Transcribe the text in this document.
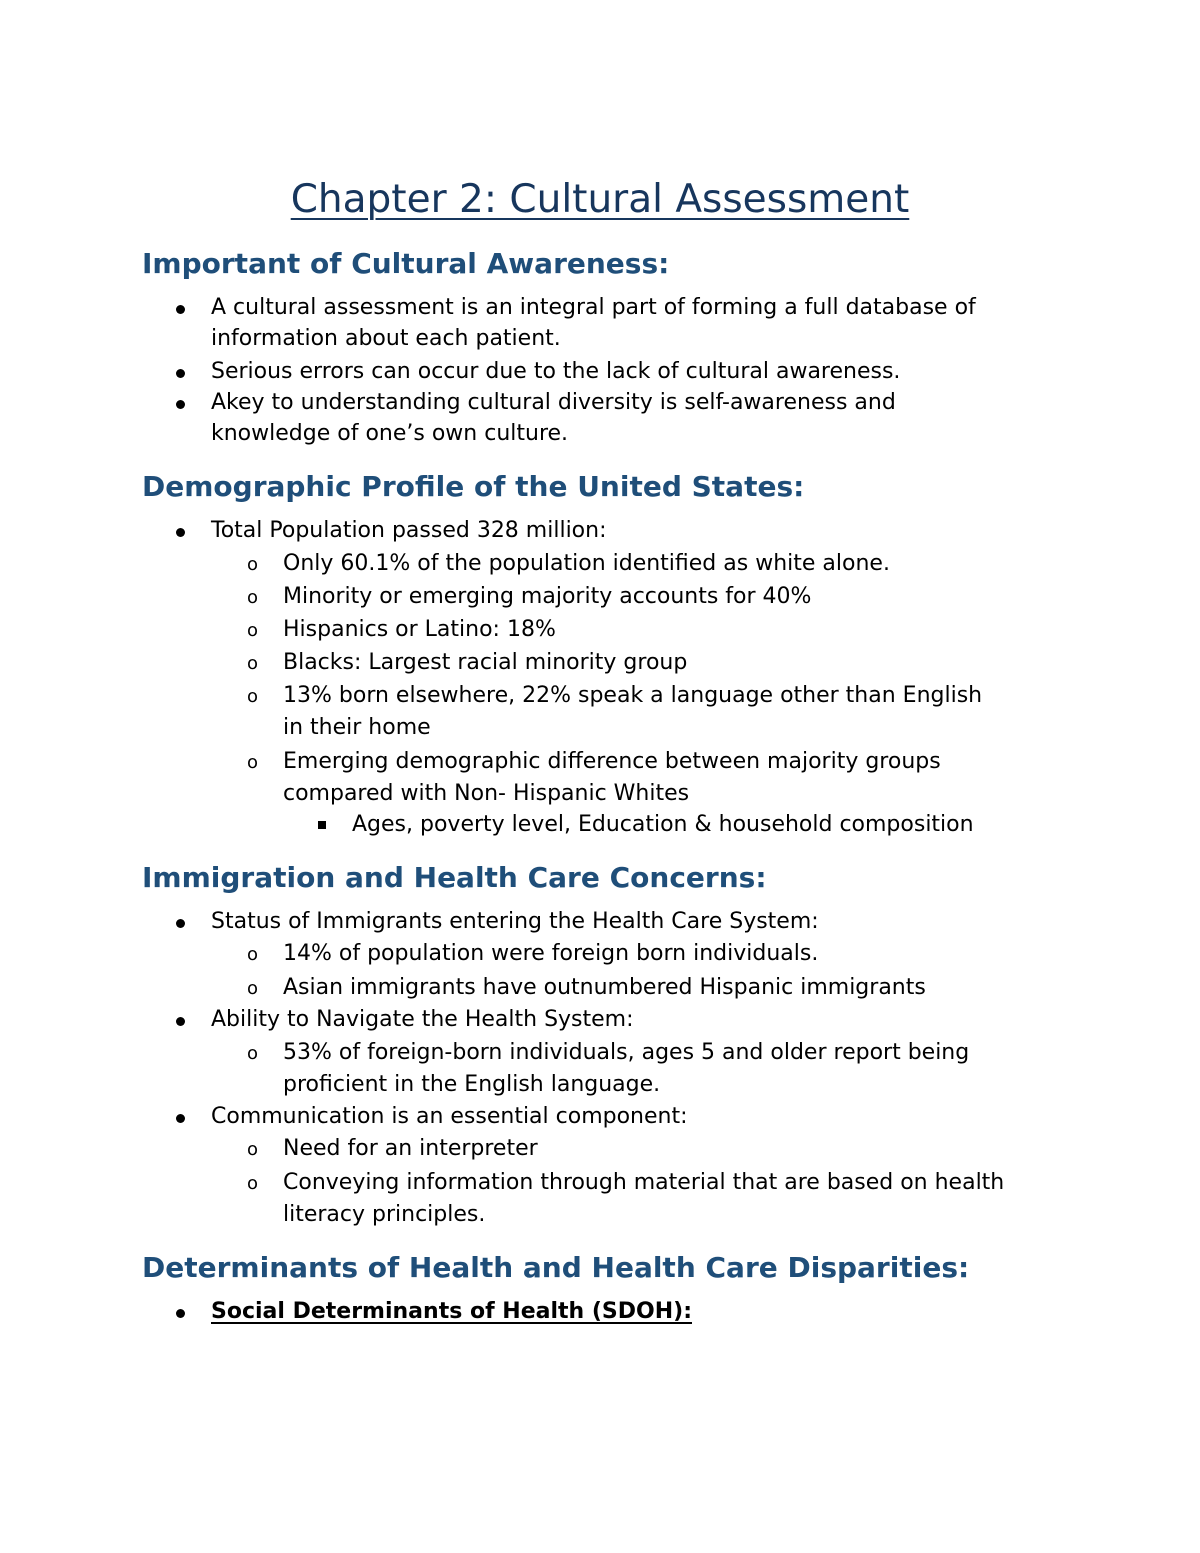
Chapter 2: Cultural Assessment
Important of Cultural Awareness:
A cultural assessment is an integral part of forming a full database of
information about each patient.
Serious errors can occur due to the lack of cultural awareness.
Akey to understanding cultural diversity is self-awareness and
knowledge of one’s own culture.
Demographic Profile of the United States:
Total Population passed 328 million:
o Only 60.1% of the population identified as white alone.
o Minority or emerging majority accounts for 40%
o Hispanics or Latino: 18%
o Blacks: Largest racial minority group
o 13% born elsewhere, 22% speak a language other than English
in their home
o Emerging demographic difference between majority groups
compared with Non- Hispanic Whites
Ages, poverty level, Education & household composition
Immigration and Health Care Concerns:
Status of Immigrants entering the Health Care System:
o 14% of population were foreign born individuals.
o Asian immigrants have outnumbered Hispanic immigrants
Ability to Navigate the Health System:
o 53% of foreign-born individuals, ages 5 and older report being
proficient in the English language.
Communication is an essential component:
o Need for an interpreter
o Conveying information through material that are based on health
literacy principles.
Determinants of Health and Health Care Disparities:
Social Determinants of Health (SDOH):
